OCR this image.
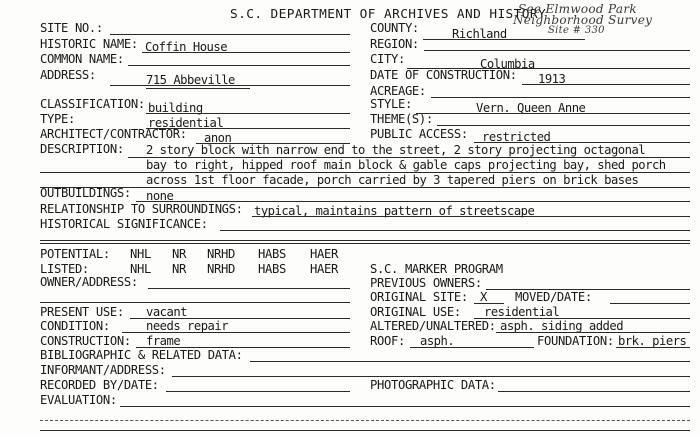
S.C. DEPARTMENT OF ARCHIVES AND HISTORY
See Elmwood Park
Neighborhood Survey
Site # 330
SITE NO.:	COUNTY:	Richland
HISTORIC NAME: Coffin House	REGION:
COMMON NAME:	CITY:	Columbia
ADDRESS:	715 Abbeville	DATE OF CONSTRUCTION: 1913
ACREAGE:
CLASSIFICATION: building	STYLE:	Vern. Queen Anne
TYPE:	residential	THEME(S):
ARCHITECT/CONTRACTOR: anon	PUBLIC ACCESS: restricted
DESCRIPTION: 2 story block with narrow end to the street, 2 story projecting octagonal
bay to right, hipped roof main block & gable caps projecting bay, shed porch
across 1st floor facade, porch carried by 3 tapered piers on brick bases
OUTBUILDINGS: none
RELATIONSHIP TO SURROUNDINGS: typical, maintains pattern of streetscape
HISTORICAL SIGNIFICANCE:
POTENTIAL: NHL NR NRHD HABS HAER
LISTED:	NHL NR NRHD HABS HAER	S.C. MARKER PROGRAM
OWNER/ADDRESS:	PREVIOUS OWNERS:
ORIGINAL SITE: X MOVED/DATE:
PRESENT USE: vacant	ORIGINAL USE: residential
CONDITION:	needs repair	ALTERED/UNALTERED: asph. siding added
CONSTRUCTION: frame	ROOF: asph.	FOUNDATION: brk. piers
BIBLIOGRAPHIC & RELATED DATA:
INFORMANT/ADDRESS:
RECORDED BY/DATE:	PHOTOGRAPHIC DATA:
EVALUATION:
